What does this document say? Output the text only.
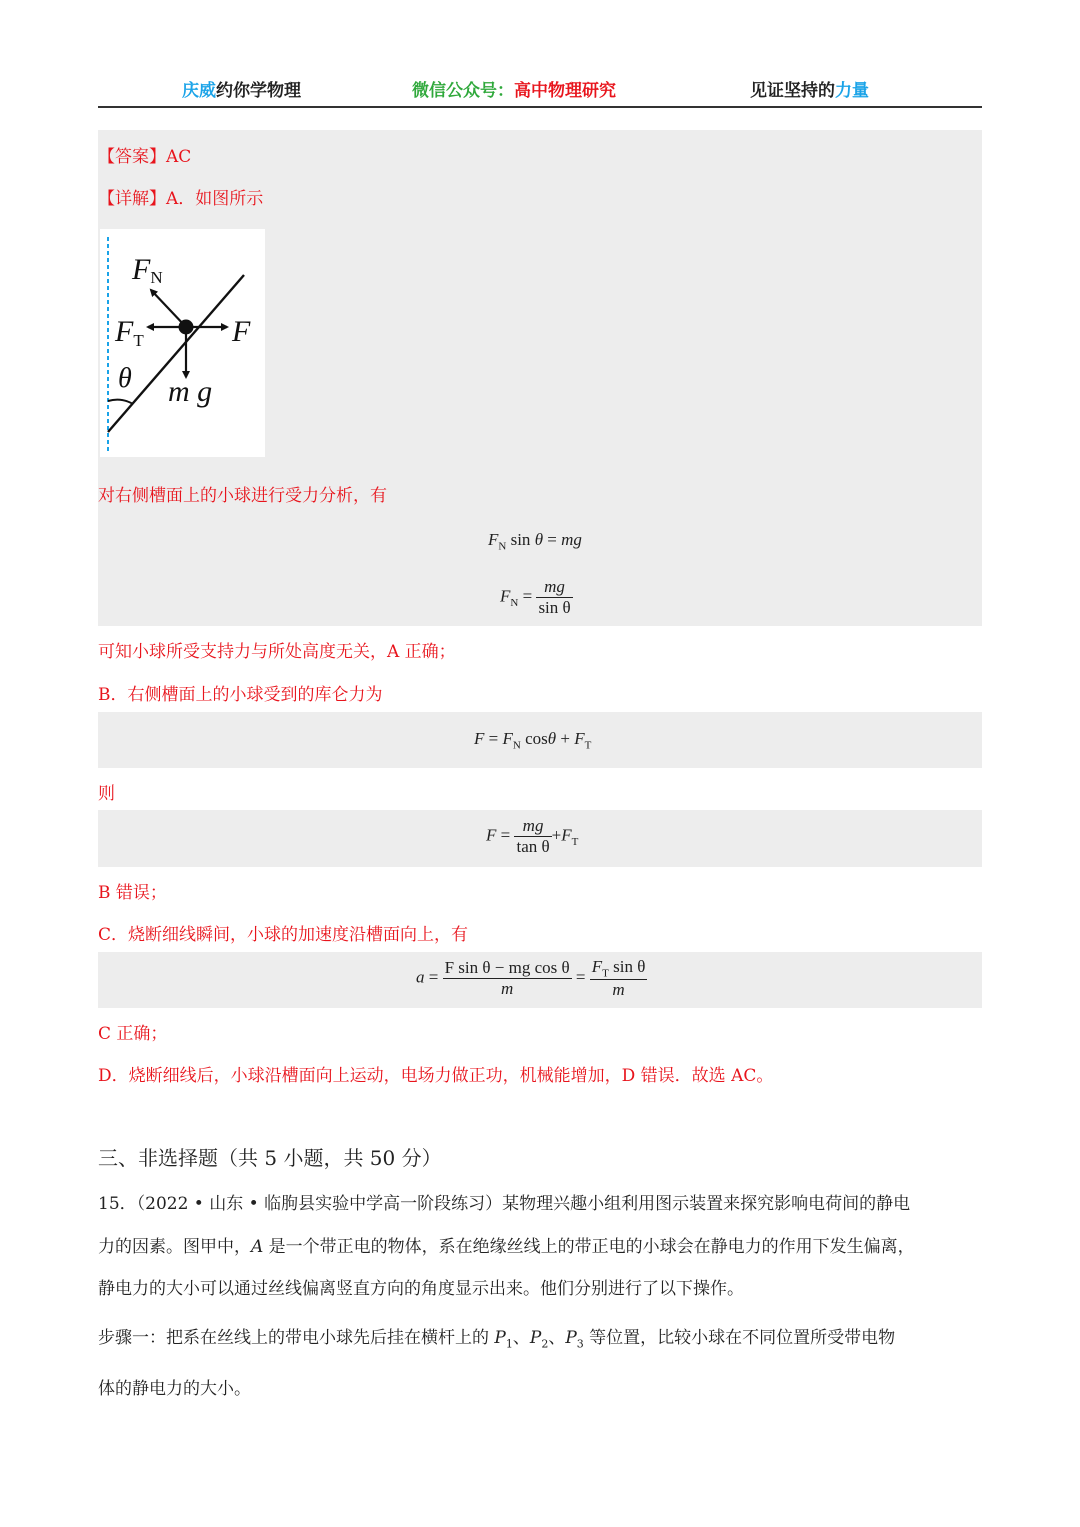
庆威约你学物理	微信公众号：高中物理研究	见证坚持的力量
【答案】AC
【详解】A．如图所示
FN
FT	F
m g
θ
对右侧槽面上的小球进行受力分析，有
$F_N$ sin θ = mg
$F_N = \frac{mg}{\text{sin θ}}$
可知小球所受支持力与所处高度无关，A 正确；
B．右侧槽面上的小球受到的库仑力为
$F = F_N$ $\cos\theta + F_T$
则
$F = \frac{mg}{\text{tan θ}} +F_T$
B 错误；
C．烧断细线瞬间，小球的加速度沿槽面向上，有
$a = \frac{\text{F sin θ − mg cos θ}}{m} = \frac{F_T \sin \theta}{m}$
C 正确；
D．烧断细线后，小球沿槽面向上运动，电场力做正功，机械能增加，D 错误．故选 AC。
三、非选择题（共 5 小题，共 50 分）
15．（2022 • 山东 • 临朐县实验中学高一阶段练习）某物理兴趣小组利用图示装置来探究影响电荷间的静电
力的因素。图甲中，A 是一个带正电的物体，系在绝缘丝线上的带正电的小球会在静电力的作用下发生偏离，
静电力的大小可以通过丝线偏离竖直方向的角度显示出来。他们分别进行了以下操作。
步骤一：把系在丝线上的带电小球先后挂在横杆上的 $P_1$、$P_2$、$P_3$ 等位置，比较小球在不同位置所受带电物
体的静电力的大小。
